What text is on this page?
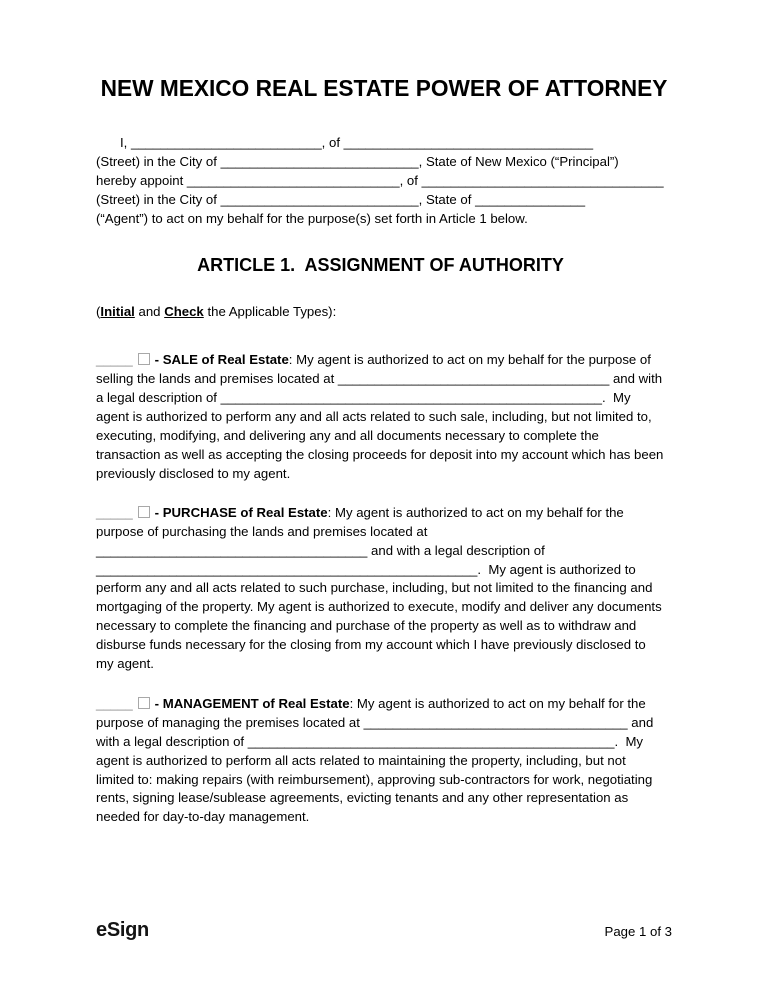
NEW MEXICO REAL ESTATE POWER OF ATTORNEY
I, __________________________, of __________________________________
(Street) in the City of ___________________________, State of New Mexico (“Principal”)
hereby appoint _____________________________, of _________________________________
(Street) in the City of ___________________________, State of _______________
(“Agent”) to act on my behalf for the purpose(s) set forth in Article 1 below.
ARTICLE 1.  ASSIGNMENT OF AUTHORITY
(Initial and Check the Applicable Types):

_____ - SALE of Real Estate: My agent is authorized to act on my behalf for the purpose of selling the lands and premises located at _____________________________________ and with a legal description of ____________________________________________________.  My agent is authorized to perform any and all acts related to such sale, including, but not limited to, executing, modifying, and delivering any and all documents necessary to complete the transaction as well as accepting the closing proceeds for deposit into my account which has been previously disclosed to my agent.

_____ - PURCHASE of Real Estate: My agent is authorized to act on my behalf for the purpose of purchasing the lands and premises located at _____________________________________ and with a legal description of ____________________________________________________.  My agent is authorized to perform any and all acts related to such purchase, including, but not limited to the financing and mortgaging of the property. My agent is authorized to execute, modify and deliver any documents necessary to complete the financing and purchase of the property as well as to withdraw and disburse funds necessary for the closing from my account which I have previously disclosed to my agent.

_____ - MANAGEMENT of Real Estate: My agent is authorized to act on my behalf for the purpose of managing the premises located at ____________________________________ and with a legal description of __________________________________________________.  My agent is authorized to perform all acts related to maintaining the property, including, but not limited to: making repairs (with reimbursement), approving sub-contractors for work, negotiating rents, signing lease/sublease agreements, evicting tenants and any other representation as needed for day-to-day management.

eSign	Page 1 of 3
